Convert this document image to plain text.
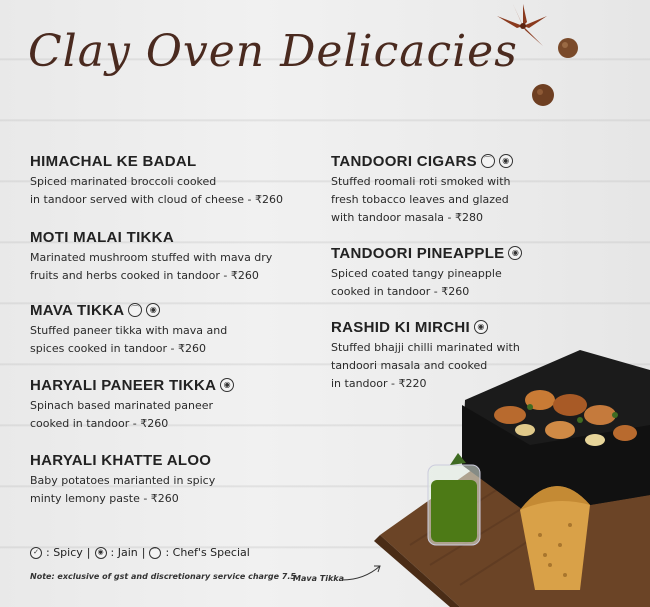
Clay Oven Delicacies
HIMACHAL KE BADAL
Spiced marinated broccoli cooked
in tandoor served with cloud of cheese - ₹260
MOTI MALAI TIKKA
Marinated mushroom stuffed with mava dry
fruits and herbs cooked in tandoor - ₹260
MAVA TIKKA ⌒	◉
Stuffed paneer tikka with mava and
spices cooked in tandoor - ₹260
HARYALI PANEER TIKKA ◉
Spinach based marinated paneer
cooked in tandoor - ₹260
HARYALI KHATTE ALOO
Baby potatoes marianted in spicy
minty lemony paste - ₹260
TANDOORI CIGARS ⌒	◉
Stuffed roomali roti smoked with
fresh tobacco leaves and glazed
with tandoor masala - ₹280
TANDOORI PINEAPPLE ◉
Spiced coated tangy pineapple
cooked in tandoor - ₹260
RASHID KI MIRCHI ◉
Stuffed bhajji chilli marinated with
tandoori masala and cooked
in tandoor - ₹220
Mava Tikka
✓ : Spicy | ◉ : Jain | ⌒ : Chef's Special
Note: exclusive of gst and discretionary service charge 7.5
